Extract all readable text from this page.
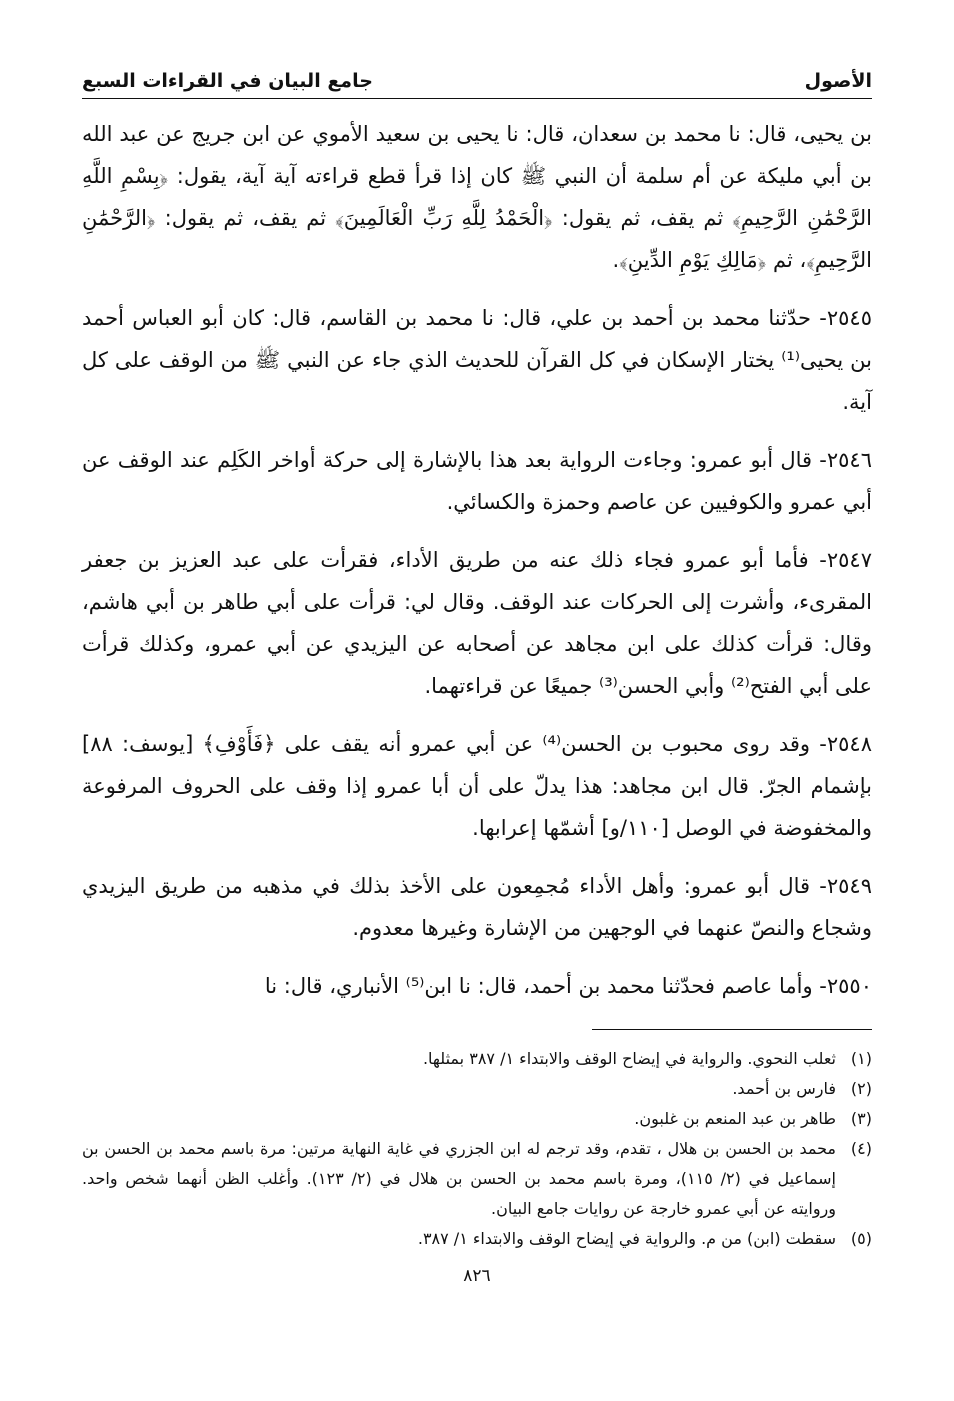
الأصول
جامع البيان في القراءات السبع

بن يحيى، قال: نا محمد بن سعدان، قال: نا يحيى بن سعيد الأموي عن ابن جريج عن عبد الله بن أبي مليكة عن أم سلمة أن النبي ﷺ كان إذا قرأ قطع قراءته آية آية، يقول: ﴿بِسْمِ اللَّهِ الرَّحْمَٰنِ الرَّحِيمِ﴾ ثم يقف، ثم يقول: ﴿الْحَمْدُ لِلَّهِ رَبِّ الْعَالَمِينَ﴾ ثم يقف، ثم يقول: ﴿الرَّحْمَٰنِ الرَّحِيمِ﴾، ثم ﴿مَالِكِ يَوْمِ الدِّينِ﴾.

٢٥٤٥- حدّثنا محمد بن أحمد بن علي، قال: نا محمد بن القاسم، قال: كان أبو العباس أحمد بن يحيى⁽¹⁾ يختار الإسكان في كل القرآن للحديث الذي جاء عن النبي ﷺ من الوقف على كل آية.

٢٥٤٦- قال أبو عمرو: وجاءت الرواية بعد هذا بالإشارة إلى حركة أواخر الكَلِم عند الوقف عن أبي عمرو والكوفيين عن عاصم وحمزة والكسائي.

٢٥٤٧- فأما أبو عمرو فجاء ذلك عنه من طريق الأداء، فقرأت على عبد العزيز بن جعفر المقرىء، وأشرت إلى الحركات عند الوقف. وقال لي: قرأت على أبي طاهر بن أبي هاشم، وقال: قرأت كذلك على ابن مجاهد عن أصحابه عن اليزيدي عن أبي عمرو، وكذلك قرأت على أبي الفتح⁽²⁾ وأبي الحسن⁽³⁾ جميعًا عن قراءتهما.

٢٥٤٨- وقد روى محبوب بن الحسن⁽⁴⁾ عن أبي عمرو أنه يقف على ﴿فَأَوْفِ﴾ [يوسف: ٨٨] بإشمام الجرّ. قال ابن مجاهد: هذا يدلّ على أن أبا عمرو إذا وقف على الحروف المرفوعة والمخفوضة في الوصل [١١٠/و] أشمّها إعرابها.

٢٥٤٩- قال أبو عمرو: وأهل الأداء مُجمِعون على الأخذ بذلك في مذهبه من طريق اليزيدي وشجاع والنصّ عنهما في الوجهين من الإشارة وغيرها معدوم.

٢٥٥٠- وأما عاصم فحدّثنا محمد بن أحمد، قال: نا ابن⁽⁵⁾ الأنباري، قال: نا

(١)
ثعلب النحوي. والرواية في إيضاح الوقف والابتداء ١/ ٣٨٧ بمثلها.
(٢)
فارس بن أحمد.
(٣)
طاهر بن عبد المنعم بن غلبون.
(٤)
محمد بن الحسن بن هلال ، تقدم، وقد ترجم له ابن الجزري في غاية النهاية مرتين: مرة باسم محمد بن الحسن بن إسماعيل في (٢/ ١١٥)، ومرة باسم محمد بن الحسن بن هلال في (٢/ ١٢٣). وأغلب الظن أنهما شخص واحد. وروايته عن أبي عمرو خارجة عن روايات جامع البيان.
(٥)
سقطت (ابن) من م. والرواية في إيضاح الوقف والابتداء ١/ ٣٨٧.
٨٢٦
